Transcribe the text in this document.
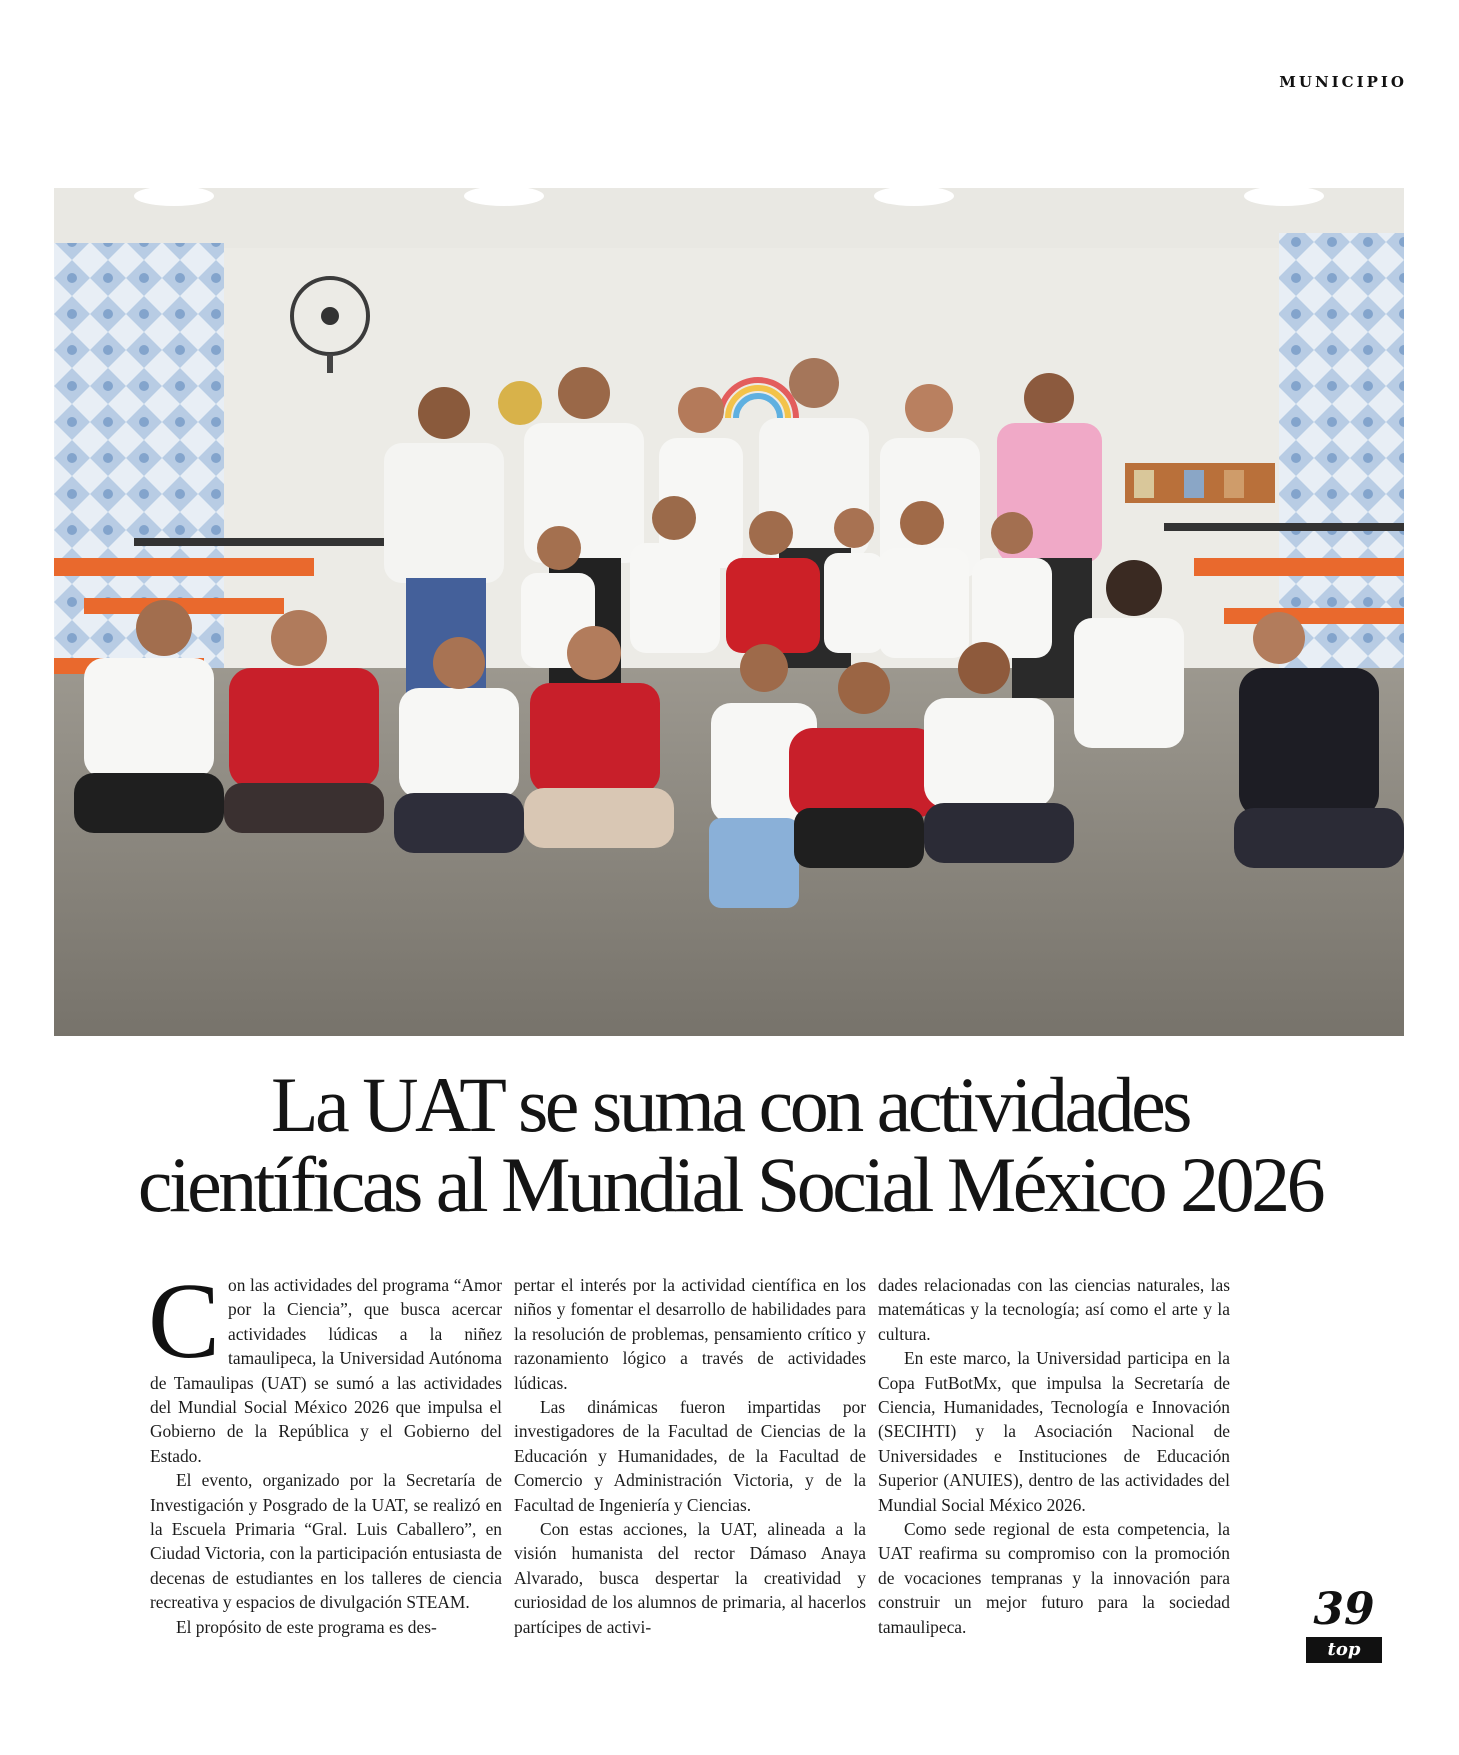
MUNICIPIO
La UAT se suma con actividades
científicas al Mundial Social México 2026

Con las actividades del programa “Amor por la Ciencia”, que busca acercar actividades lúdicas a la niñez tamaulipeca, la Universidad Autónoma de Tamaulipas (UAT) se sumó a las actividades del Mundial Social México 2026 que impulsa el Gobierno de la República y el Gobierno del Estado.

El evento, organizado por la Secretaría de Investigación y Posgrado de la UAT, se realizó en la Escuela Primaria “Gral. Luis Caballero”, en Ciudad Victoria, con la participación entusiasta de decenas de estudiantes en los talleres de ciencia recreativa y espacios de divulgación STEAM.

El propósito de este programa es des-

pertar el interés por la actividad científica en los niños y fomentar el desarrollo de habilidades para la resolución de problemas, pensamiento crítico y razonamiento lógico a través de actividades lúdicas.

Las dinámicas fueron impartidas por investigadores de la Facultad de Ciencias de la Educación y Humanidades, de la Facultad de Comercio y Administración Victoria, y de la Facultad de Ingeniería y Ciencias.

Con estas acciones, la UAT, alineada a la visión humanista del rector Dámaso Anaya Alvarado, busca despertar la creatividad y curiosidad de los alumnos de primaria, al hacerlos partícipes de activi-

dades relacionadas con las ciencias naturales, las matemáticas y la tecnología; así como el arte y la cultura.

En este marco, la Universidad participa en la Copa FutBotMx, que impulsa la Secretaría de Ciencia, Humanidades, Tecnología e Innovación (SECIHTI) y la Asociación Nacional de Universidades e Instituciones de Educación Superior (ANUIES), dentro de las actividades del Mundial Social México 2026.

Como sede regional de esta competencia, la UAT reafirma su compromiso con la promoción de vocaciones tempranas y la innovación para construir un mejor futuro para la sociedad tamaulipeca.	39
top
